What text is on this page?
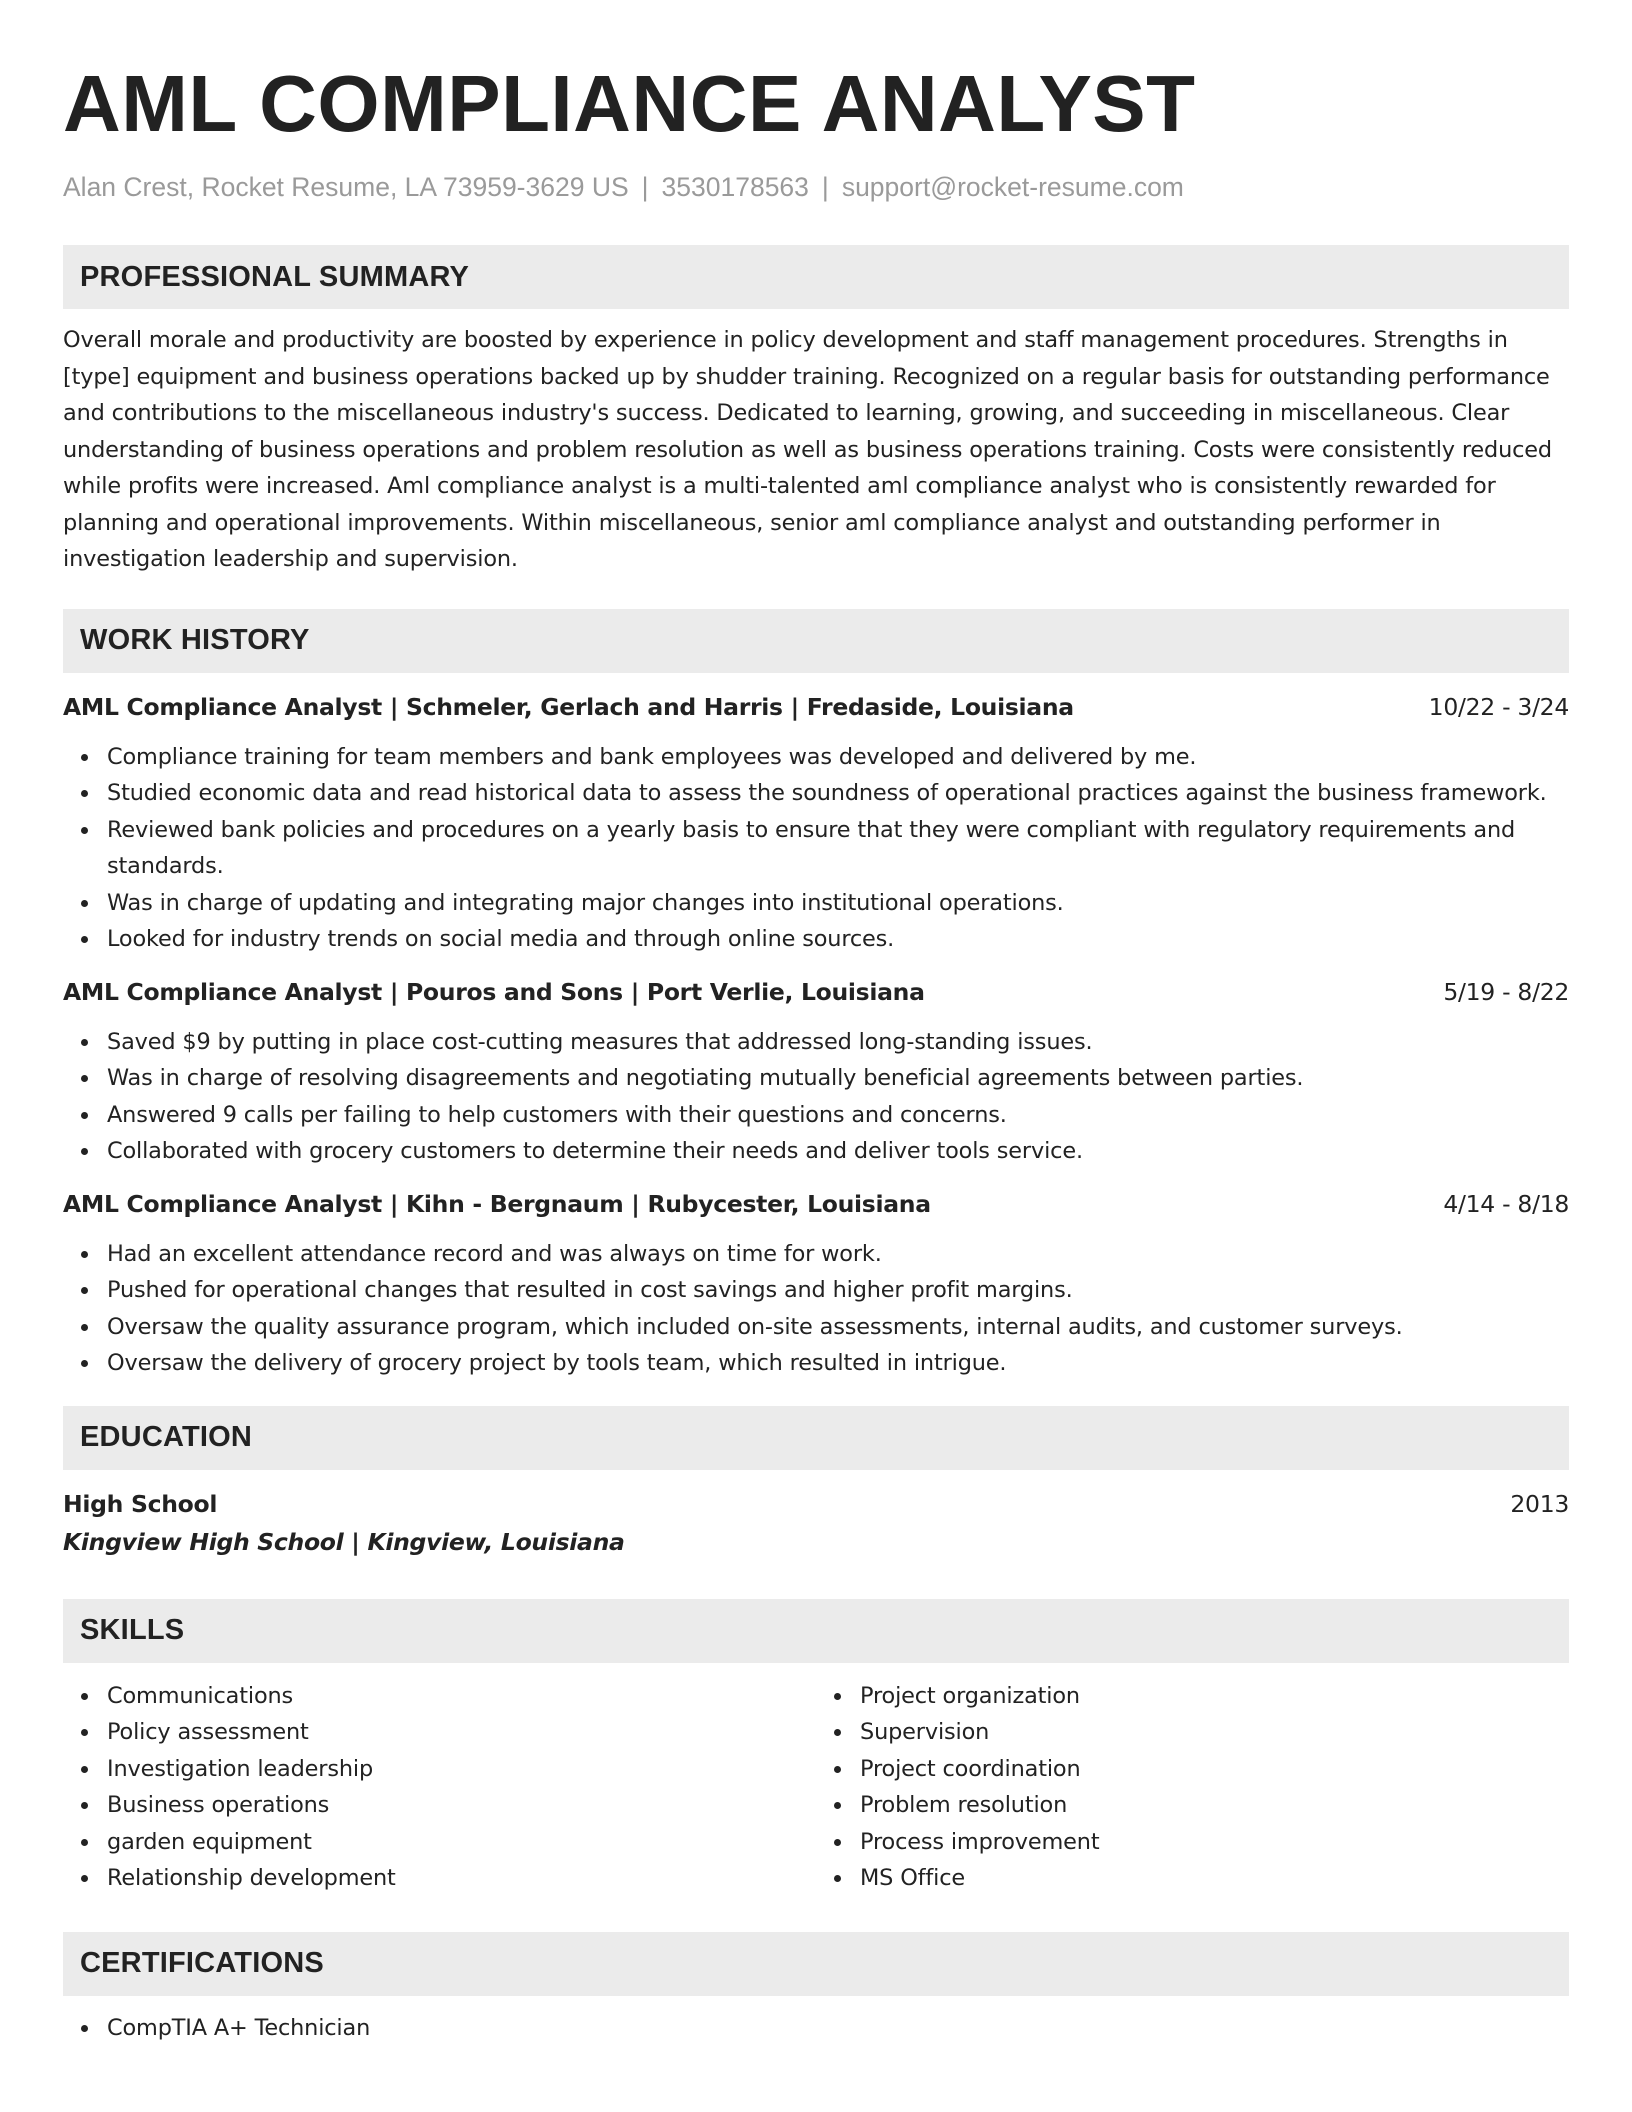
AML COMPLIANCE ANALYST
Alan Crest, Rocket Resume, LA 73959-3629 US | 3530178563 | support@rocket-resume.com
PROFESSIONAL SUMMARY

Overall morale and productivity are boosted by experience in policy development and staff management procedures. Strengths in [type] equipment and business operations backed up by shudder training. Recognized on a regular basis for outstanding performance and contributions to the miscellaneous industry's success. Dedicated to learning, growing, and succeeding in miscellaneous. Clear understanding of business operations and problem resolution as well as business operations training. Costs were consistently reduced while profits were increased. Aml compliance analyst is a multi-talented aml compliance analyst who is consistently rewarded for planning and operational improvements. Within miscellaneous, senior aml compliance analyst and outstanding performer in investigation leadership and supervision.

WORK HISTORY
AML Compliance Analyst | Schmeler, Gerlach and Harris | Fredaside, Louisiana	10/22 - 3/24
Compliance training for team members and bank employees was developed and delivered by me.
Studied economic data and read historical data to assess the soundness of operational practices against the business framework.
Reviewed bank policies and procedures on a yearly basis to ensure that they were compliant with regulatory requirements and standards.
Was in charge of updating and integrating major changes into institutional operations.
Looked for industry trends on social media and through online sources.
AML Compliance Analyst | Pouros and Sons | Port Verlie, Louisiana	5/19 - 8/22
Saved $9 by putting in place cost-cutting measures that addressed long-standing issues.
Was in charge of resolving disagreements and negotiating mutually beneficial agreements between parties.
Answered 9 calls per failing to help customers with their questions and concerns.
Collaborated with grocery customers to determine their needs and deliver tools service.
AML Compliance Analyst | Kihn - Bergnaum | Rubycester, Louisiana	4/14 - 8/18
Had an excellent attendance record and was always on time for work.
Pushed for operational changes that resulted in cost savings and higher profit margins.
Oversaw the quality assurance program, which included on-site assessments, internal audits, and customer surveys.
Oversaw the delivery of grocery project by tools team, which resulted in intrigue.
EDUCATION
High School	2013
Kingview High School | Kingview, Louisiana
SKILLS
Communications
Policy assessment
Investigation leadership
Business operations
garden equipment
Relationship development
Project organization
Supervision
Project coordination
Problem resolution
Process improvement
MS Office
CERTIFICATIONS
CompTIA A+ Technician
